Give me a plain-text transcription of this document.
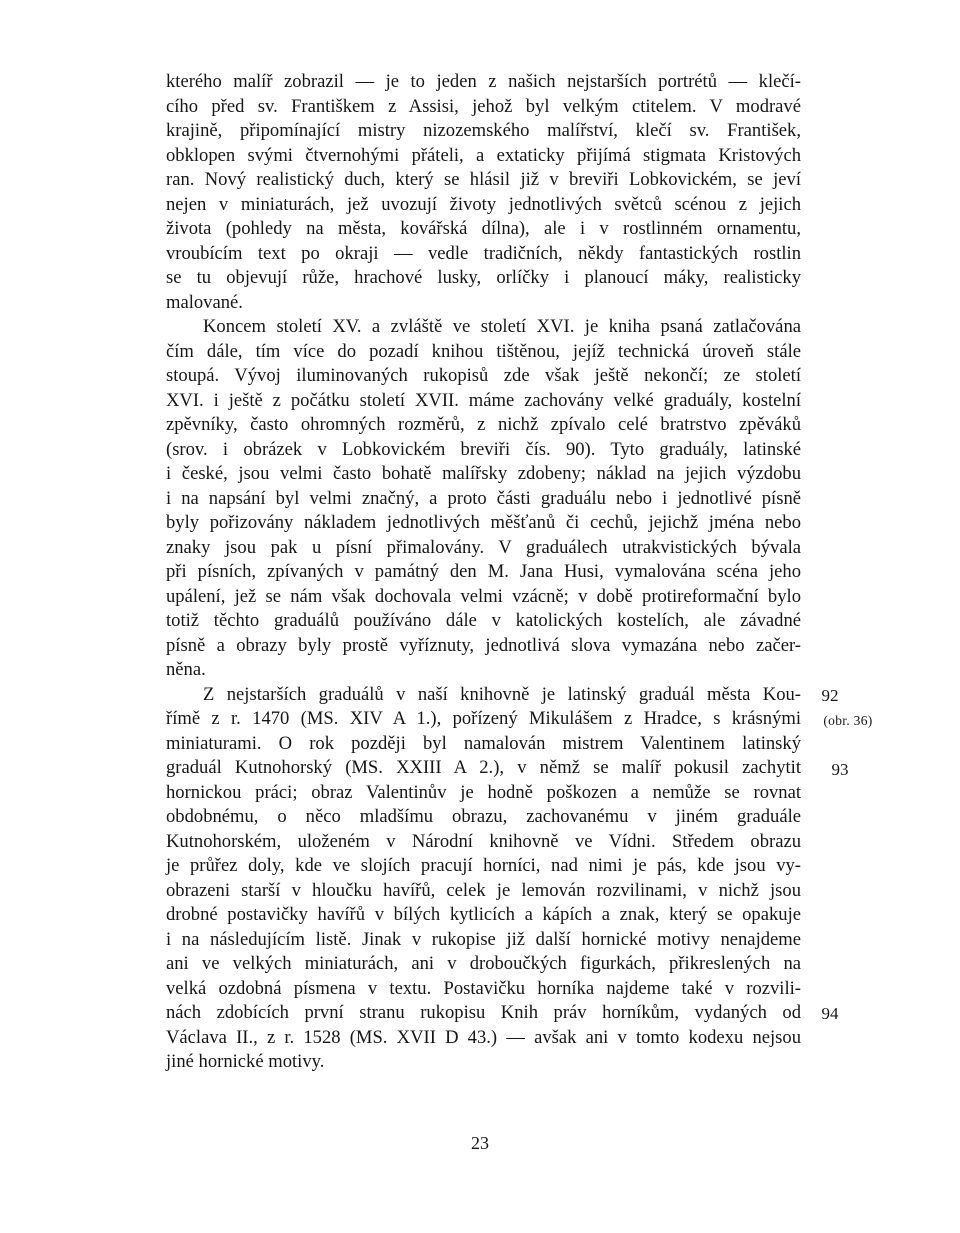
kterého malíř zobrazil — je to jeden z našich nejstarších portrétů — klečí-
cího před sv. Františkem z Assisi, jehož byl velkým ctitelem. V modravé
krajině, připomínající mistry nizozemského malířství, klečí sv. František,
obklopen svými čtvernohými přáteli, a extaticky přijímá stigmata Kristových
ran. Nový realistický duch, který se hlásil již v breviři Lobkovickém, se jeví
nejen v miniaturách, jež uvozují životy jednotlivých světců scénou z jejich
života (pohledy na města, kovářská dílna), ale i v rostlinném ornamentu,
vroubícím text po okraji — vedle tradičních, někdy fantastických rostlin
se tu objevují růže, hrachové lusky, orlíčky i planoucí máky, realisticky
malované.
Koncem století XV. a zvláště ve století XVI. je kniha psaná zatlačována
čím dále, tím více do pozadí knihou tištěnou, jejíž technická úroveň stále
stoupá. Vývoj iluminovaných rukopisů zde však ještě nekončí; ze století
XVI. i ještě z počátku století XVII. máme zachovány velké graduály, kostelní
zpěvníky, často ohromných rozměrů, z nichž zpívalo celé bratrstvo zpěváků
(srov. i obrázek v Lobkovickém breviři čís. 90). Tyto graduály, latinské
i české, jsou velmi často bohatě malířsky zdobeny; náklad na jejich výzdobu
i na napsání byl velmi značný, a proto části graduálu nebo i jednotlivé písně
byly pořizovány nákladem jednotlivých měšťanů či cechů, jejichž jména nebo
znaky jsou pak u písní přimalovány. V graduálech utrakvistických bývala
při písních, zpívaných v památný den M. Jana Husi, vymalována scéna jeho
upálení, jež se nám však dochovala velmi vzácně; v době protireformační bylo
totiž těchto graduálů používáno dále v katolických kostelích, ale závadné
písně a obrazy byly prostě vyříznuty, jednotlivá slova vymazána nebo začer-
něna.
Z nejstarších graduálů v naší knihovně je latinský graduál města Kou-
římě z r. 1470 (MS. XIV A 1.), pořízený Mikulášem z Hradce, s krásnými
miniaturami. O rok později byl namalován mistrem Valentinem latinský
graduál Kutnohorský (MS. XXIII A 2.), v němž se malíř pokusil zachytit
hornickou práci; obraz Valentinův je hodně poškozen a nemůže se rovnat
obdobnému, o něco mladšímu obrazu, zachovanému v jiném graduále
Kutnohorském, uloženém v Národní knihovně ve Vídni. Středem obrazu
je průřez doly, kde ve slojích pracují horníci, nad nimi je pás, kde jsou vy-
obrazeni starší v hloučku havířů, celek je lemován rozvilinami, v nichž jsou
drobné postavičky havířů v bílých kytlicích a kápích a znak, který se opakuje
i na následujícím listě. Jinak v rukopise již další hornické motivy nenajdeme
ani ve velkých miniaturách, ani v droboučkých figurkách, přikreslených na
velká ozdobná písmena v textu. Postavičku horníka najdeme také v rozvili-
nách zdobících první stranu rukopisu Knih práv horníkům, vydaných od
Václava II., z r. 1528 (MS. XVII D 43.) — avšak ani v tomto kodexu nejsou
jiné hornické motivy.
92
(obr. 36)
93
94
23
